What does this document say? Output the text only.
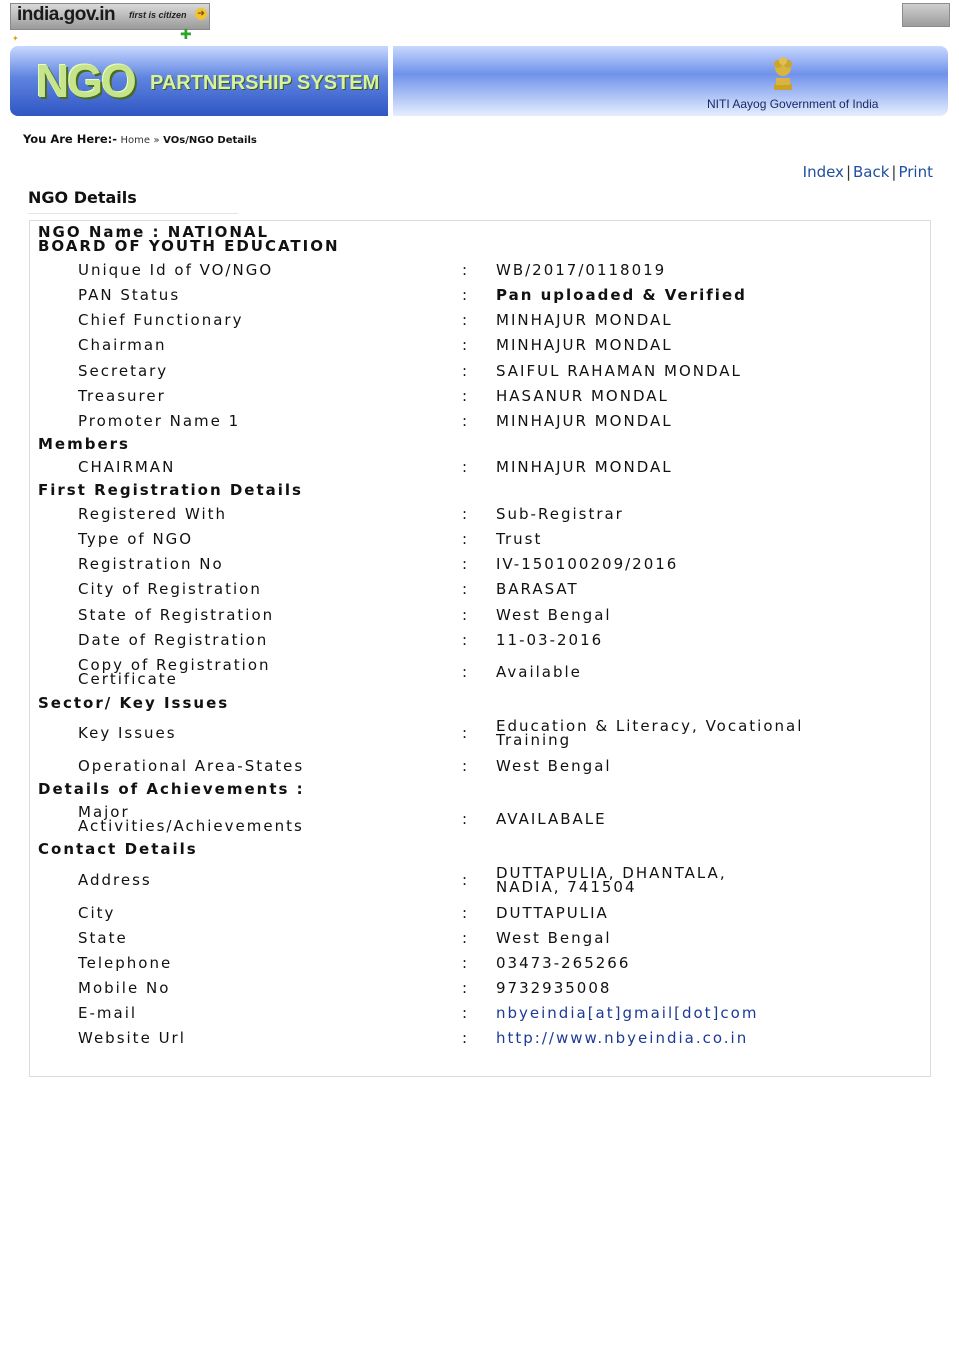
india.gov.in first is citizen ➜
✚
✦
NGO PARTNERSHIP SYSTEM
NITI Aayog Government of India
You Are Here:- Home » VOs/NGO Details
Index | Back | Print
NGO Details
NGO Name : NATIONAL
BOARD OF YOUTH EDUCATION
Unique Id of VO/NGO	: WB/2017/0118019
PAN Status	: Pan uploaded & Verified
Chief Functionary	: MINHAJUR MONDAL
Chairman	: MINHAJUR MONDAL
Secretary	: SAIFUL RAHAMAN MONDAL
Treasurer	: HASANUR MONDAL
Promoter Name 1	: MINHAJUR MONDAL
Members
CHAIRMAN	: MINHAJUR MONDAL
First Registration Details
Registered With	: Sub-Registrar
Type of NGO	: Trust
Registration No	: IV-150100209/2016
City of Registration	: BARASAT
State of Registration	: West Bengal
Date of Registration	: 11-03-2016
Copy of Registration
Certificate	: Available
Sector/ Key Issues
Key Issues	: Education & Literacy, Vocational
Training
Operational Area-States	: West Bengal
Details of Achievements :
Major
Activities/Achievements	: AVAILABALE
Contact Details
Address	: DUTTAPULIA, DHANTALA,
NADIA, 741504
City	: DUTTAPULIA
State	: West Bengal
Telephone	: 03473-265266
Mobile No	: 9732935008
E-mail	: nbyeindia[at]gmail[dot]com
Website Url	: http://www.nbyeindia.co.in
